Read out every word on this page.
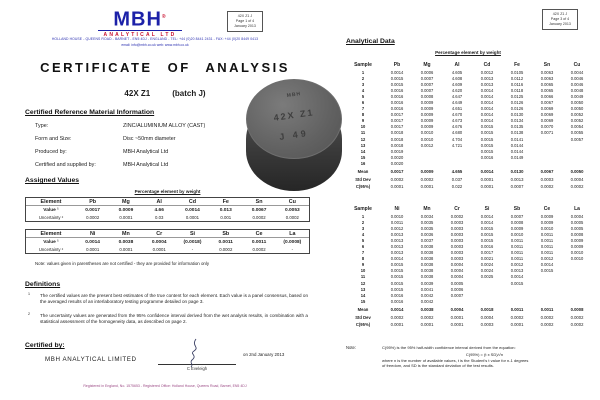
MBH®
ANALYTICAL LTD
42X Z1 J
Page 1 of 4
January 2013
HOLLAND HOUSE - QUEENS ROAD - BARNET - EN5 4DJ - ENGLAND - TEL: +44 (0)20 8441 2431 - FAX: +44 (0)20 8449 0413
email: info@mbh.co.uk web: www.mbh.co.uk
CERTIFICATE OF ANALYSIS
42X Z1	(batch J)
Certified Reference Material Information
Type:	ZINC/ALUMINIUM ALLOY (CAST)
Form and Size:	Disc ~50mm diameter
Produced by:	MBH Analytical Ltd
Certified and supplied by:	MBH Analytical Ltd
Assigned Values
Percentage element by weight
Element	Pb	Mg	Al	Cd	Fe	Sn	Cu
Value ¹	0.0017	0.0009	4.66	0.0014	0.013	0.0067	0.0053
Uncertainty ²	0.0002	0.0001	0.03	0.0001	0.001	0.0002	0.0002
Element	Ni	Mn	Cr	Si	Sb	Ce	La
Value ¹	0.0014	0.0038	0.0004	(0.0018)	0.0011	0.0011	(0.0008)
Uncertainty ²	0.0001	0.0001	0.0001	-	0.0002	0.0002	-
Note: values given in parentheses are not certified - they are provided for information only
Definitions
1 The certified values are the present best estimates of the true content for each element. Each value is a panel consensus, based on the averaged results of an interlaboratory testing programme detailed on page 3.
2 The uncertainty values are generated from the 95% confidence interval derived from the wet analysis results, in combination with a statistical assessment of the homogeneity data, as described on page 2.
Certified by:
MBH ANALYTICAL LIMITED
C Eveleigh
on 2nd January 2013
Registered in England, No. 1575653 - Registered Office: Holland House, Queens Road, Barnet, EN5 4DJ
MBH
42X Z1
J 49
42X Z1 J
Page 3 of 4
January 2013
Analytical Data
Percentage element by weight
Sample	Pb	Mg	Al	Cd	Fe	Sn	Cu
1	0.0014	0.0006	4.605	0.0012	0.0105	0.0063	0.0044
2	0.0015	0.0007	4.608	0.0013	0.0112	0.0063	0.0046
3	0.0015	0.0007	4.609	0.0013	0.0116	0.0065	0.0046
4	0.0016	0.0007	4.620	0.0014	0.0118	0.0065	0.0048
5	0.0016	0.0008	4.647	0.0014	0.0125	0.0066	0.0049
6	0.0016	0.0009	4.649	0.0014	0.0126	0.0067	0.0050
7	0.0016	0.0009	4.651	0.0014	0.0126	0.0069	0.0050
8	0.0017	0.0009	4.670	0.0014	0.0130	0.0069	0.0052
9	0.0017	0.0009	4.673	0.0014	0.0134	0.0069	0.0052
10	0.0017	0.0009	4.676	0.0015	0.0135	0.0070	0.0054
11	0.0018	0.0010	4.680	0.0015	0.0138	0.0071	0.0055
12	0.0018	0.0010	4.704	0.0015	0.0141		0.0057
13	0.0018	0.0012	4.721	0.0015	0.0144		
14	0.0019			0.0015	0.0144		
15	0.0020			0.0016	0.0149		
16	0.0020						
Mean	0.0017	0.0009	4.655	0.0014	0.0130	0.0067	0.0050
Std Dev	0.0002	0.0002	0.037	0.0001	0.0013	0.0003	0.0004
C(95%)	0.0001	0.0001	0.022	0.0001	0.0007	0.0002	0.0002
Sample	Ni	Mn	Cr	Si	Sb	Ce	La
1	0.0010	0.0034	0.0002	0.0014	0.0007	0.0009	0.0004
2	0.0011	0.0035	0.0003	0.0014	0.0008	0.0009	0.0005
3	0.0012	0.0035	0.0003	0.0015	0.0009	0.0010	0.0005
4	0.0013	0.0036	0.0003	0.0015	0.0010	0.0011	0.0008
5	0.0013	0.0037	0.0003	0.0015	0.0011	0.0011	0.0009
6	0.0013	0.0038	0.0003	0.0016	0.0011	0.0011	0.0009
7	0.0013	0.0038	0.0003	0.0017	0.0011	0.0011	0.0010
8	0.0014	0.0038	0.0003	0.0021	0.0011	0.0012	0.0010
9	0.0015	0.0038	0.0004	0.0024	0.0012	0.0014	
10	0.0015	0.0038	0.0004	0.0024	0.0013	0.0015	
11	0.0015	0.0038	0.0004	0.0025	0.0014		
12	0.0015	0.0039	0.0005		0.0015		
13	0.0015	0.0041	0.0006				
14	0.0016	0.0042	0.0007				
15	0.0016	0.0042					
Mean	0.0014	0.0038	0.0004	0.0018	0.0011	0.0011	0.0008
Std Dev	0.0002	0.0002	0.0001	0.0004	0.0002	0.0002	0.0002
C(95%)	0.0001	0.0001	0.0001	0.0003	0.0001	0.0002	0.0002
Note:	C(95%) is the 95% half-width confidence interval derived from the equation:
C(95%) = (t x SD)/√n
where n is the number of available values, t is the Student's t value for n-1 degrees
of freedom, and SD is the standard deviation of the test results.
